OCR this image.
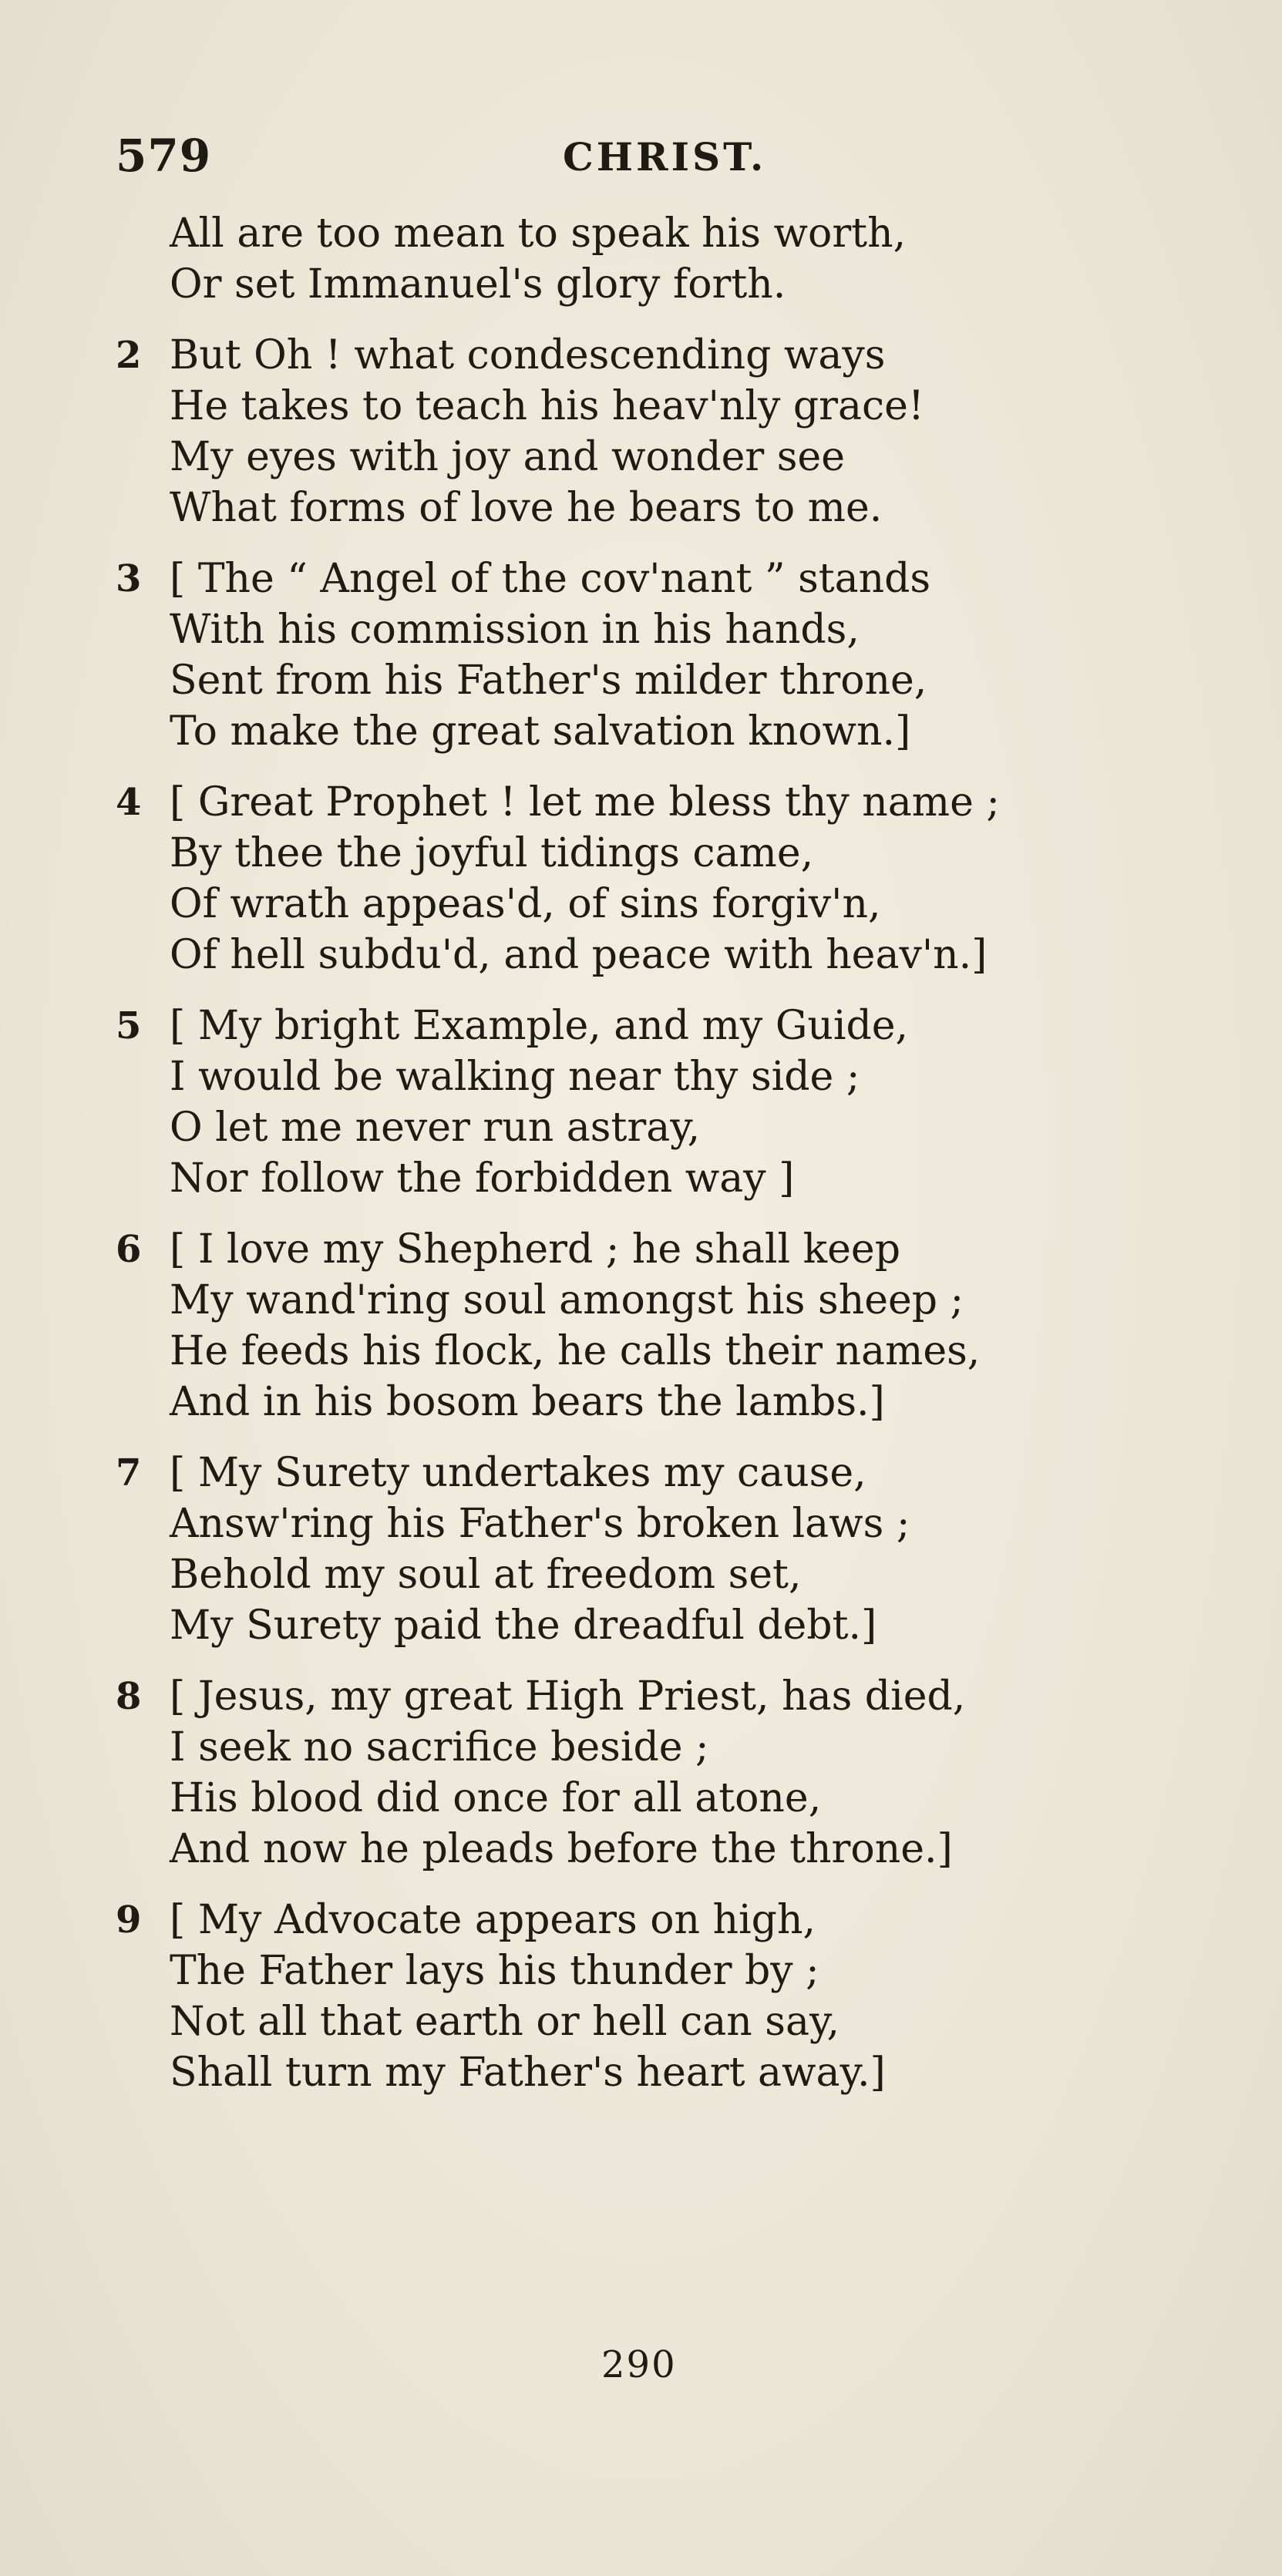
579	CHRIST.
All are too mean to speak his worth,
Or set Immanuel's glory forth.
2 But Oh ! what condescending ways
He takes to teach his heav'nly grace!
My eyes with joy and wonder see
What forms of love he bears to me.
3 [ The “ Angel of the cov'nant ” stands
With his commission in his hands,
Sent from his Father's milder throne,
To make the great salvation known.]
4 [ Great Prophet ! let me bless thy name ;
By thee the joyful tidings came,
Of wrath appeas'd, of sins forgiv'n,
Of hell subdu'd, and peace with heav'n.]
5 [ My bright Example, and my Guide,
I would be walking near thy side ;
O let me never run astray,
Nor follow the forbidden way ]
6 [ I love my Shepherd ; he shall keep
My wand'ring soul amongst his sheep ;
He feeds his flock, he calls their names,
And in his bosom bears the lambs.]
7 [ My Surety undertakes my cause,
Answ'ring his Father's broken laws ;
Behold my soul at freedom set,
My Surety paid the dreadful debt.]
8 [ Jesus, my great High Priest, has died,
I seek no sacrifice beside ;
His blood did once for all atone,
And now he pleads before the throne.]
9 [ My Advocate appears on high,
The Father lays his thunder by ;
Not all that earth or hell can say,
Shall turn my Father's heart away.]
290
